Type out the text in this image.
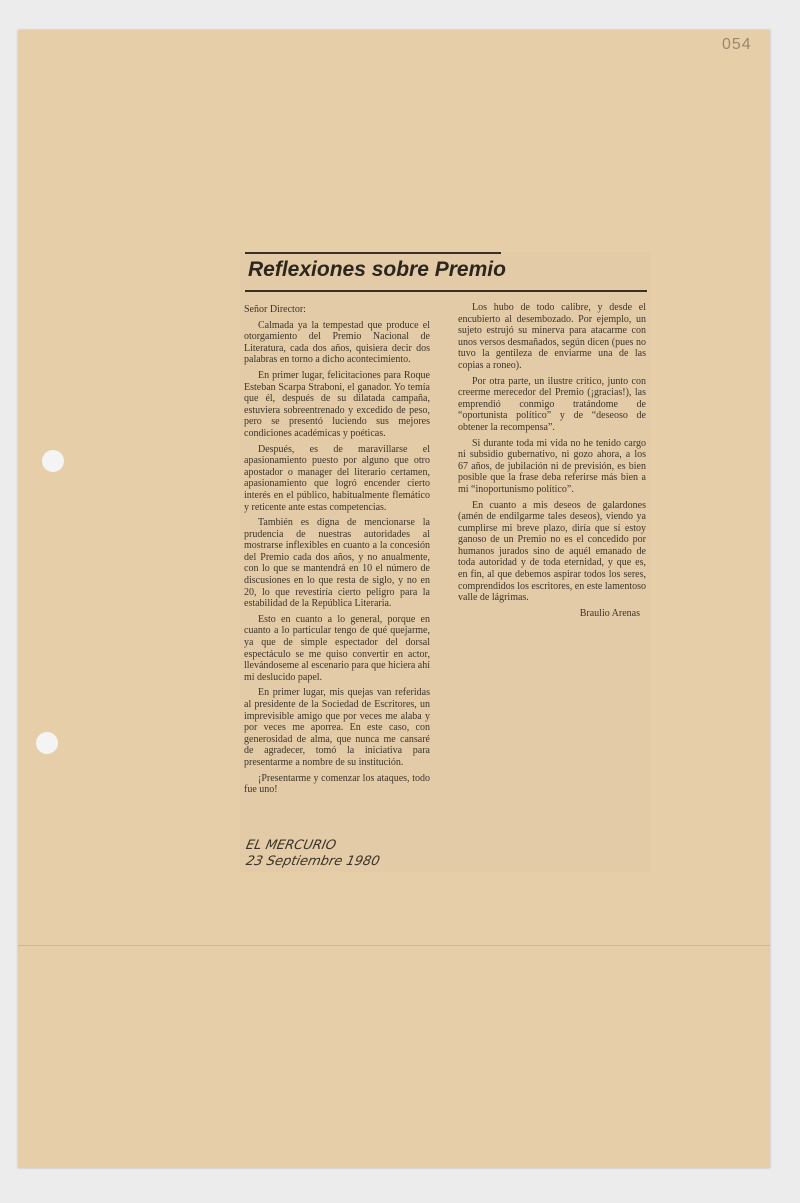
054
Reflexiones sobre Premio

Señor Director:

Calmada ya la tempestad que produce el otorgamiento del Premio Nacional de Literatura, cada dos años, quisiera decir dos palabras en torno a dicho acontecimiento.

En primer lugar, felicitaciones para Roque Esteban Scarpa Straboni, el ganador. Yo temía que él, después de su dilatada campaña, estuviera sobreentrenado y excedido de peso, pero se presentó luciendo sus mejores condiciones académicas y poéticas.

Después, es de maravillarse el apasionamiento puesto por alguno que otro apostador o manager del literario certamen, apasionamiento que logró encender cierto interés en el público, habitualmente flemático y reticente ante estas competencias.

También es digna de mencionarse la prudencia de nuestras autoridades al mostrarse inflexibles en cuanto a la concesión del Premio cada dos años, y no anualmente, con lo que se mantendrá en 10 el número de discusiones en lo que resta de siglo, y no en 20, lo que revestiría cierto peligro para la estabilidad de la República Literaria.

Esto en cuanto a lo general, porque en cuanto a lo particular tengo de qué quejarme, ya que de simple espectador del dorsal espectáculo se me quiso convertir en actor, llevándoseme al escenario para que hiciera ahí mi deslucido papel.

En primer lugar, mis quejas van referidas al presidente de la Sociedad de Escritores, un imprevisible amigo que por veces me alaba y por veces me aporrea. En este caso, con generosidad de alma, que nunca me cansaré de agradecer, tomó la iniciativa para presentarme a nombre de su institución.

¡Presentarme y comenzar los ataques, todo fue uno!

Los hubo de todo calibre, y desde el encubierto al desembozado. Por ejemplo, un sujeto estrujó su minerva para atacarme con unos versos desmañados, según dicen (pues no tuvo la gentileza de enviarme una de las copias a roneo).

Por otra parte, un ilustre crítico, junto con creerme merecedor del Premio (¡gracias!), las emprendió conmigo tratándome de “oportunista político” y de “deseoso de obtener la recompensa”.

Si durante toda mi vida no he tenido cargo ni subsidio gubernativo, ni gozo ahora, a los 67 años, de jubilación ni de previsión, es bien posible que la frase deba referirse más bien a mi “inoportunismo político”.

En cuanto a mis deseos de galardones (amén de endilgarme tales deseos), viendo ya cumplirse mi breve plazo, diría que sí estoy ganoso de un Premio no es el concedido por humanos jurados sino de aquél emanado de toda autoridad y de toda eternidad, y que es, en fin, al que debemos aspirar todos los seres, comprendidos los escritores, en este lamentoso valle de lágrimas.

Braulio Arenas

EL MERCURIO
23 Septiembre 1980
